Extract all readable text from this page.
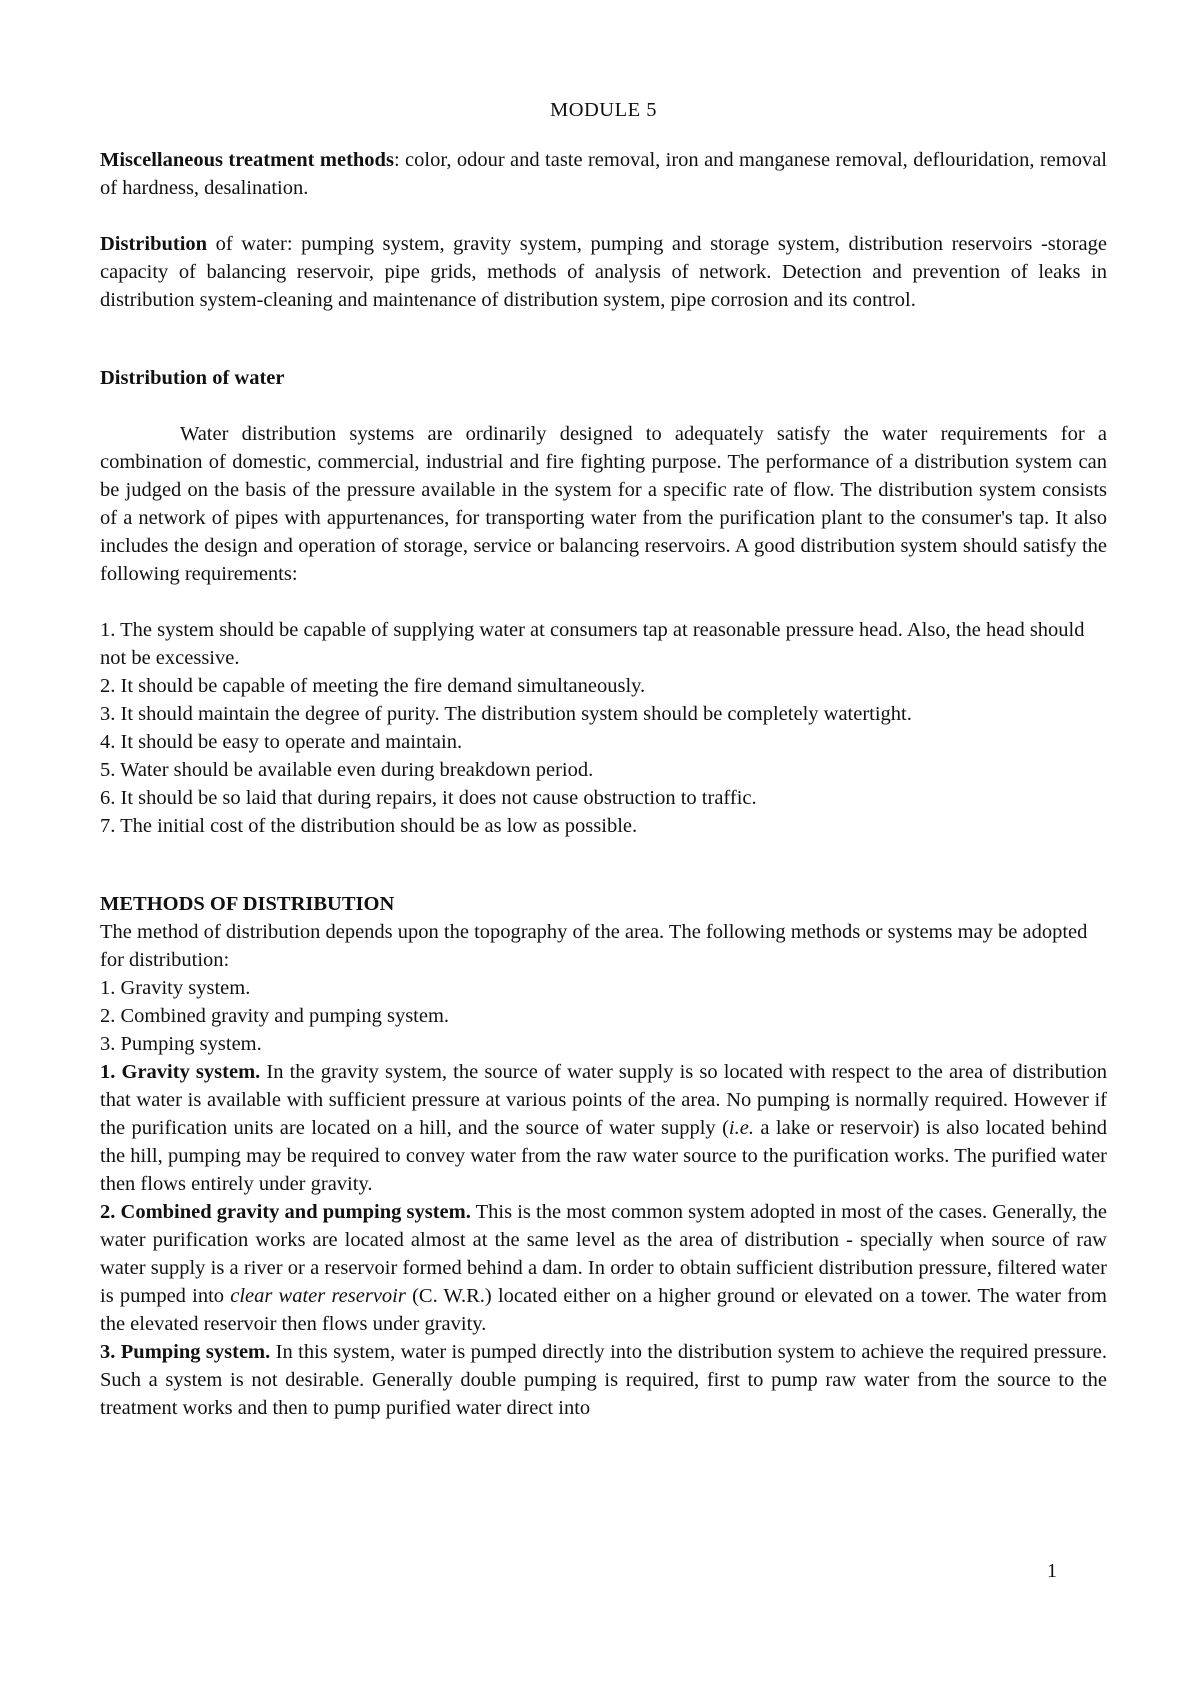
MODULE 5

Miscellaneous treatment methods: color, odour and taste removal, iron and manganese removal, deflouridation, removal of hardness, desalination.

Distribution of water: pumping system, gravity system, pumping and storage system, distribution reservoirs -storage capacity of balancing reservoir, pipe grids, methods of analysis of network. Detection and prevention of leaks in distribution system-cleaning and maintenance of distribution system, pipe corrosion and its control.

Distribution of water

Water distribution systems are ordinarily designed to adequately satisfy the water requirements for a combination of domestic, commercial, industrial and fire fighting purpose. The performance of a distribution system can be judged on the basis of the pressure available in the system for a specific rate of flow. The distribution system consists of a network of pipes with appurtenances, for transporting water from the purification plant to the consumer's tap. It also includes the design and operation of storage, service or balancing reservoirs. A good distribution system should satisfy the following requirements:

1. The system should be capable of supplying water at consumers tap at reasonable pressure head. Also, the head should not be excessive.

2. It should be capable of meeting the fire demand simultaneously.

3. It should maintain the degree of purity. The distribution system should be completely watertight.

4. It should be easy to operate and maintain.

5. Water should be available even during breakdown period.

6. It should be so laid that during repairs, it does not cause obstruction to traffic.

7. The initial cost of the distribution should be as low as possible.

METHODS OF DISTRIBUTION

The method of distribution depends upon the topography of the area. The following methods or systems may be adopted for distribution:

1. Gravity system.

2. Combined gravity and pumping system.

3. Pumping system.

1. Gravity system. In the gravity system, the source of water supply is so located with respect to the area of distribution that water is available with sufficient pressure at various points of the area. No pumping is normally required. However if the purification units are located on a hill, and the source of water supply (i.e. a lake or reservoir) is also located behind the hill, pumping may be required to convey water from the raw water source to the purification works. The purified water then flows entirely under gravity.

2. Combined gravity and pumping system. This is the most common system adopted in most of the cases. Generally, the water purification works are located almost at the same level as the area of distribution - specially when source of raw water supply is a river or a reservoir formed behind a dam. In order to obtain sufficient distribution pressure, filtered water is pumped into clear water reservoir (C. W.R.) located either on a higher ground or elevated on a tower. The water from the elevated reservoir then flows under gravity.

3. Pumping system. In this system, water is pumped directly into the distribution system to achieve the required pressure. Such a system is not desirable. Generally double pumping is required, first to pump raw water from the source to the treatment works and then to pump purified water direct into

1
